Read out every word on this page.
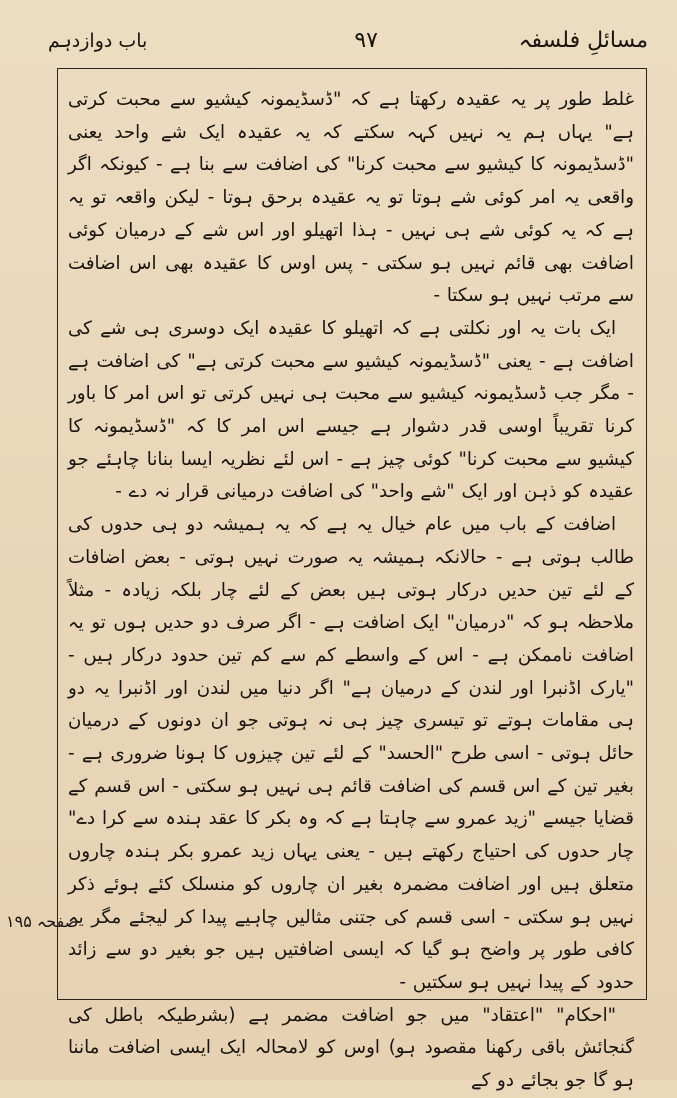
مسائلِ فلسفہ
۹۷
باب دوازدہم

غلط طور پر یہ عقیدہ رکھتا ہے کہ "ڈسڈیمونہ کیشیو سے محبت کرتی ہے" یہاں ہم یہ نہیں کہہ سکتے کہ یہ عقیدہ ایک شے واحد یعنی "ڈسڈیمونہ کا کیشیو سے محبت کرنا" کی اضافت سے بنا ہے - کیونکہ اگر واقعی یہ امر کوئی شے ہوتا تو یہ عقیدہ برحق ہوتا - لیکن واقعہ تو یہ ہے کہ یہ کوئی شے ہی نہیں - ہذا اتھیلو اور اس شے کے درمیان کوئی اضافت بھی قائم نہیں ہو سکتی - پس اوس کا عقیدہ بھی اس اضافت سے مرتب نہیں ہو سکتا -

ایک بات یہ اور نکلتی ہے کہ اتھیلو کا عقیدہ ایک دوسری ہی شے کی اضافت ہے - یعنی "ڈسڈیمونہ کیشیو سے محبت کرتی ہے" کی اضافت ہے - مگر جب ڈسڈیمونہ کیشیو سے محبت ہی نہیں کرتی تو اس امر کا باور کرنا تقریباً اوسی قدر دشوار ہے جیسے اس امر کا کہ "ڈسڈیمونہ کا کیشیو سے محبت کرنا" کوئی چیز ہے - اس لئے نظریہ ایسا بنانا چاہئے جو عقیدہ کو ذہن اور ایک "شے واحد" کی اضافت درمیانی قرار نہ دے -

اضافت کے باب میں عام خیال یہ ہے کہ یہ ہمیشہ دو ہی حدوں کی طالب ہوتی ہے - حالانکہ ہمیشہ یہ صورت نہیں ہوتی - بعض اضافات کے لئے تین حدیں درکار ہوتی ہیں بعض کے لئے چار بلکہ زیادہ - مثلاً ملاحظہ ہو کہ "درمیان" ایک اضافت ہے - اگر صرف دو حدیں ہوں تو یہ اضافت ناممکن ہے - اس کے واسطے کم سے کم تین حدود درکار ہیں - "یارک اڈنبرا اور لندن کے درمیان ہے" اگر دنیا میں لندن اور اڈنبرا یہ دو ہی مقامات ہوتے تو تیسری چیز ہی نہ ہوتی جو ان دونوں کے درمیان حائل ہوتی - اسی طرح "الحسد" کے لئے تین چیزوں کا ہونا ضروری ہے - بغیر تین کے اس قسم کی اضافت قائم ہی نہیں ہو سکتی - اس قسم کے قضایا جیسے "زید عمرو سے چاہتا ہے کہ وہ بکر کا عقد ہندہ سے کرا دے" چار حدوں کی احتیاج رکھتے ہیں - یعنی یہاں زید عمرو بکر ہندہ چاروں متعلق ہیں اور اضافت مضمرہ بغیر ان چاروں کو منسلک کئے ہوئے ذکر نہیں ہو سکتی - اسی قسم کی جتنی مثالیں چاہیے پیدا کر لیجئے مگر یہ کافی طور پر واضح ہو گیا کہ ایسی اضافتیں ہیں جو بغیر دو سے زائد حدود کے پیدا نہیں ہو سکتیں -

"احکام" "اعتقاد" میں جو اضافت مضمر ہے (بشرطیکہ باطل کی گنجائش باقی رکھنا مقصود ہو) اوس کو لامحالہ ایک ایسی اضافت ماننا ہو گا جو بجائے دو کے

صفحہ ۱۹۵
